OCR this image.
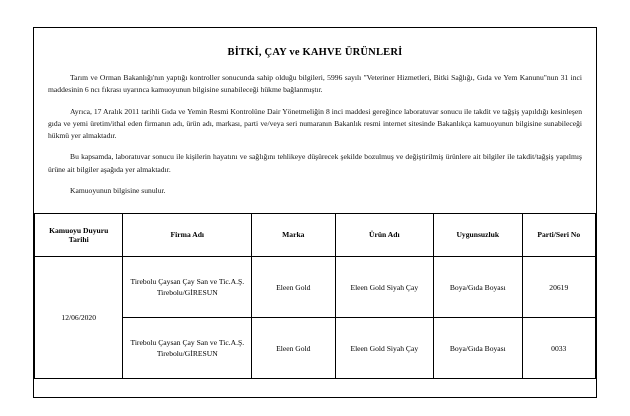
BİTKİ, ÇAY ve KAHVE ÜRÜNLERİ

Tarım ve Orman Bakanlığı'nın yaptığı kontroller sonucunda sahip olduğu bilgileri, 5996 sayılı "Veteriner Hizmetleri, Bitki Sağlığı, Gıda ve Yem Kanunu"nun 31 inci maddesinin 6 ncı fıkrası uyarınca kamuoyunun bilgisine sunabileceği hükme bağlanmıştır.

Ayrıca, 17 Aralık 2011 tarihli Gıda ve Yemin Resmi Kontrolüne Dair Yönetmeliğin 8 inci maddesi gereğince laboratuvar sonucu ile takdit ve tağşiş yapıldığı kesinleşen gıda ve yemi üretim/ithal eden firmanın adı, ürün adı, markası, parti ve/veya seri numaranın Bakanlık resmi internet sitesinde Bakanlıkça kamuoyunun bilgisine sunabileceği hükmü yer almaktadır.

Bu kapsamda, laboratuvar sonucu ile kişilerin hayatını ve sağlığını tehlikeye düşürecek şekilde bozulmuş ve değiştirilmiş ürünlere ait bilgiler ile takdit/tağşiş yapılmış ürüne ait bilgiler aşağıda yer almaktadır.

Kamuoyunun bilgisine sunulur.

Kamuoyu Duyuru Tarihi	Firma Adı	Marka	Ürün Adı	Uygunsuzluk	Parti/Seri No
12/06/2020	Tirebolu Çaysan Çay San ve Tic.A.Ş. Tirebolu/GİRESUN	Eleen Gold	Eleen Gold Siyah Çay	Boya/Gıda Boyası	20619
	Tirebolu Çaysan Çay San ve Tic.A.Ş. Tirebolu/GİRESUN	Eleen Gold	Eleen Gold Siyah Çay	Boya/Gıda Boyası	0033
